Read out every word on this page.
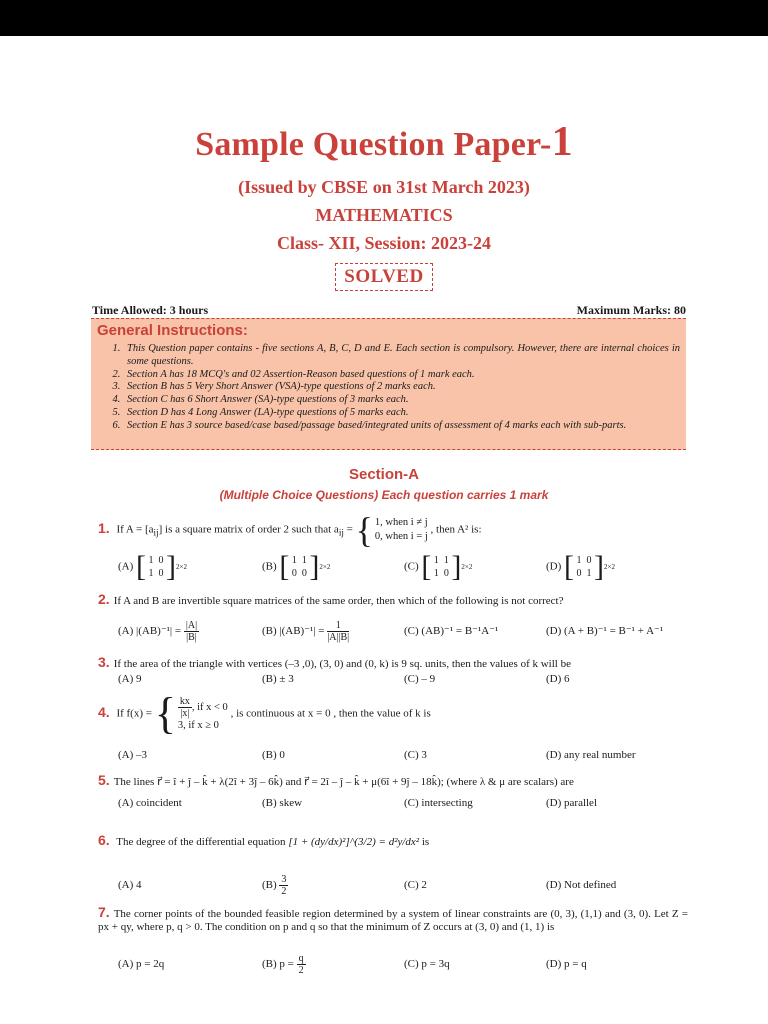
Sample Question Paper-1
(Issued by CBSE on 31st March 2023)
MATHEMATICS
Class- XII, Session: 2023-24
SOLVED
Time Allowed: 3 hours	Maximum Marks: 80
General Instructions:
1. This Question paper contains - five sections A, B, C, D and E. Each section is compulsory. However, there are internal choices in some questions.
2. Section A has 18 MCQ's and 02 Assertion-Reason based questions of 1 mark each.
3. Section B has 5 Very Short Answer (VSA)-type questions of 2 marks each.
4. Section C has 6 Short Answer (SA)-type questions of 3 marks each.
5. Section D has 4 Long Answer (LA)-type questions of 5 marks each.
6. Section E has 3 source based/case based/passage based/integrated units of assessment of 4 marks each with sub-parts.
Section-A
(Multiple Choice Questions) Each question carries 1 mark
1. If $A = [a_{ij}]$ is a square matrix of order 2 such that $a_{ij}$ = { 1, when i ≠ j
0, when i = j
, then A² is:
(A) [ 1 0
1 0 ] 2×2	(B) [ 1 1
0 0 ] 2×2	(C) [ 1 1
1 0 ] 2×2	(D) [ 1 0
0 1 ] 2×2
2. If A and B are invertible square matrices of the same order, then which of the following is not correct?
(A) $|(AB)^{-1}| = \frac{|A|}{|B|}$	(B) $|(AB)^{-1}| = \frac{1}{|A||B|}$	(C) (AB)⁻¹ = B⁻¹A⁻¹	(D) (A + B)⁻¹ = B⁻¹ + A⁻¹
3. If the area of the triangle with vertices (–3 ,0), (3, 0) and (0, k) is 9 sq. units, then the values of k will be
(A) 9	(B) ± 3	(C) – 9	(D) 6
4. If f(x) = { $\frac{kx}{|x|}$ , if x < 0
3, if x ≥ 0
, is continuous at x = 0 , then the value of k is
(A) –3	(B) 0	(C) 3	(D) any real number
5. The lines r⃗ = î + ĵ – k̂ + λ(2î + 3ĵ – 6k̂) and r⃗ = 2î – ĵ – k̂ + μ(6î + 9ĵ – 18k̂); (where λ & μ are scalars) are
(A) coincident	(B) skew	(C) intersecting	(D) parallel
6. The degree of the differential equation [1 + (dy/dx)²]^(3/2) = d²y/dx² is
(A) 4	$(B) \frac{3}{2}$	(C) 2	(D) Not defined
7. The corner points of the bounded feasible region determined by a system of linear constraints are (0, 3), (1,1) and (3, 0). Let Z = px + qy, where p, q > 0. The condition on p and q so that the minimum of Z occurs at (3, 0) and (1, 1) is
(A) p = 2q	(B) $p = \frac{q}{2}$	(C) p = 3q	(D) p = q
